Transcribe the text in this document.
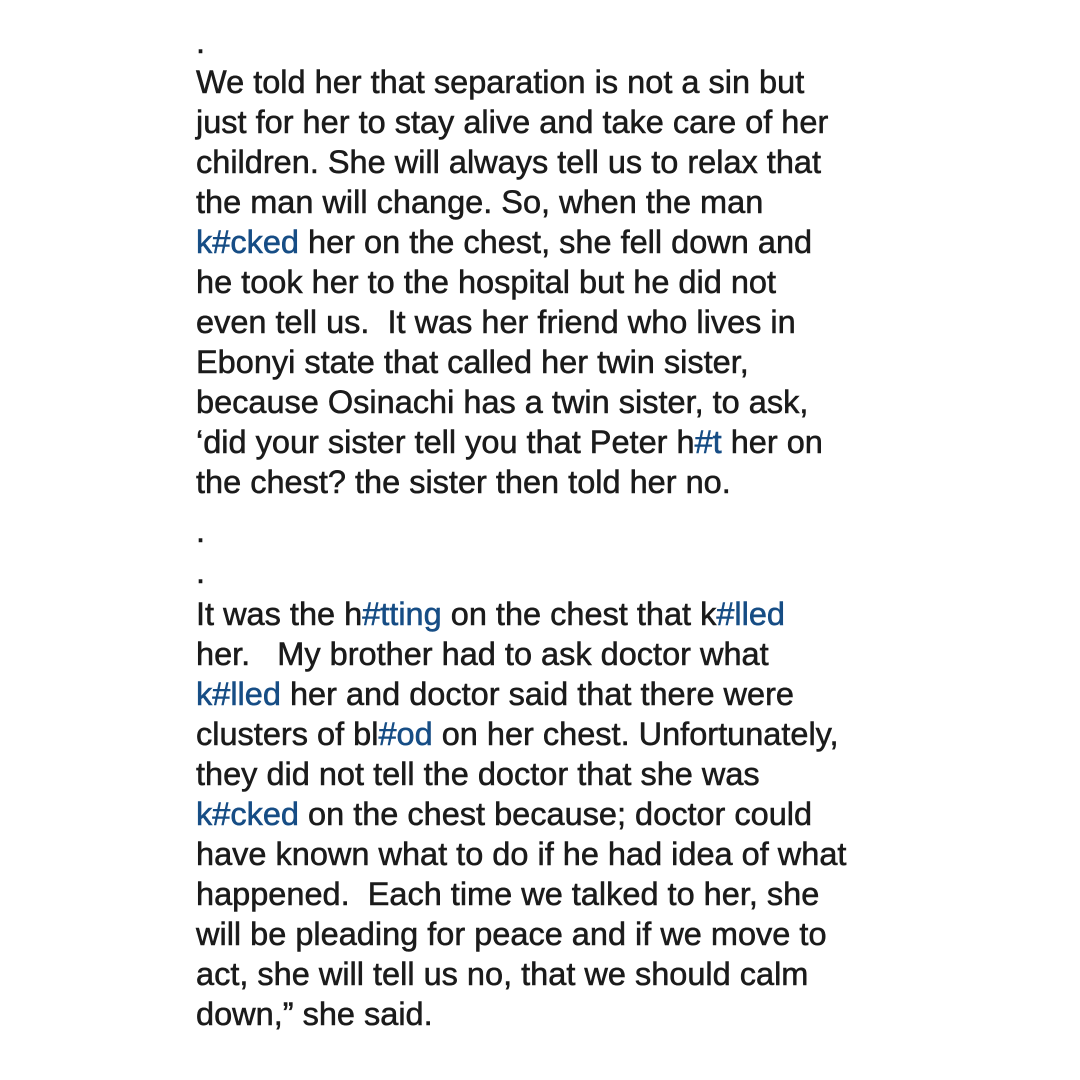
.
We told her that separation is not a sin but
just for her to stay alive and take care of her
children. She will always tell us to relax that
the man will change. So, when the man
k#cked her on the chest, she fell down and
he took her to the hospital but he did not
even tell us.  It was her friend who lives in
Ebonyi state that called her twin sister,
because Osinachi has a twin sister, to ask,
‘did your sister tell you that Peter h#t her on
the chest? the sister then told her no.
.
.
It was the h#tting on the chest that k#lled
her.   My brother had to ask doctor what
k#lled her and doctor said that there were
clusters of bl#od on her chest. Unfortunately,
they did not tell the doctor that she was
k#cked on the chest because; doctor could
have known what to do if he had idea of what
happened.  Each time we talked to her, she
will be pleading for peace and if we move to
act, she will tell us no, that we should calm
down,” she said.
